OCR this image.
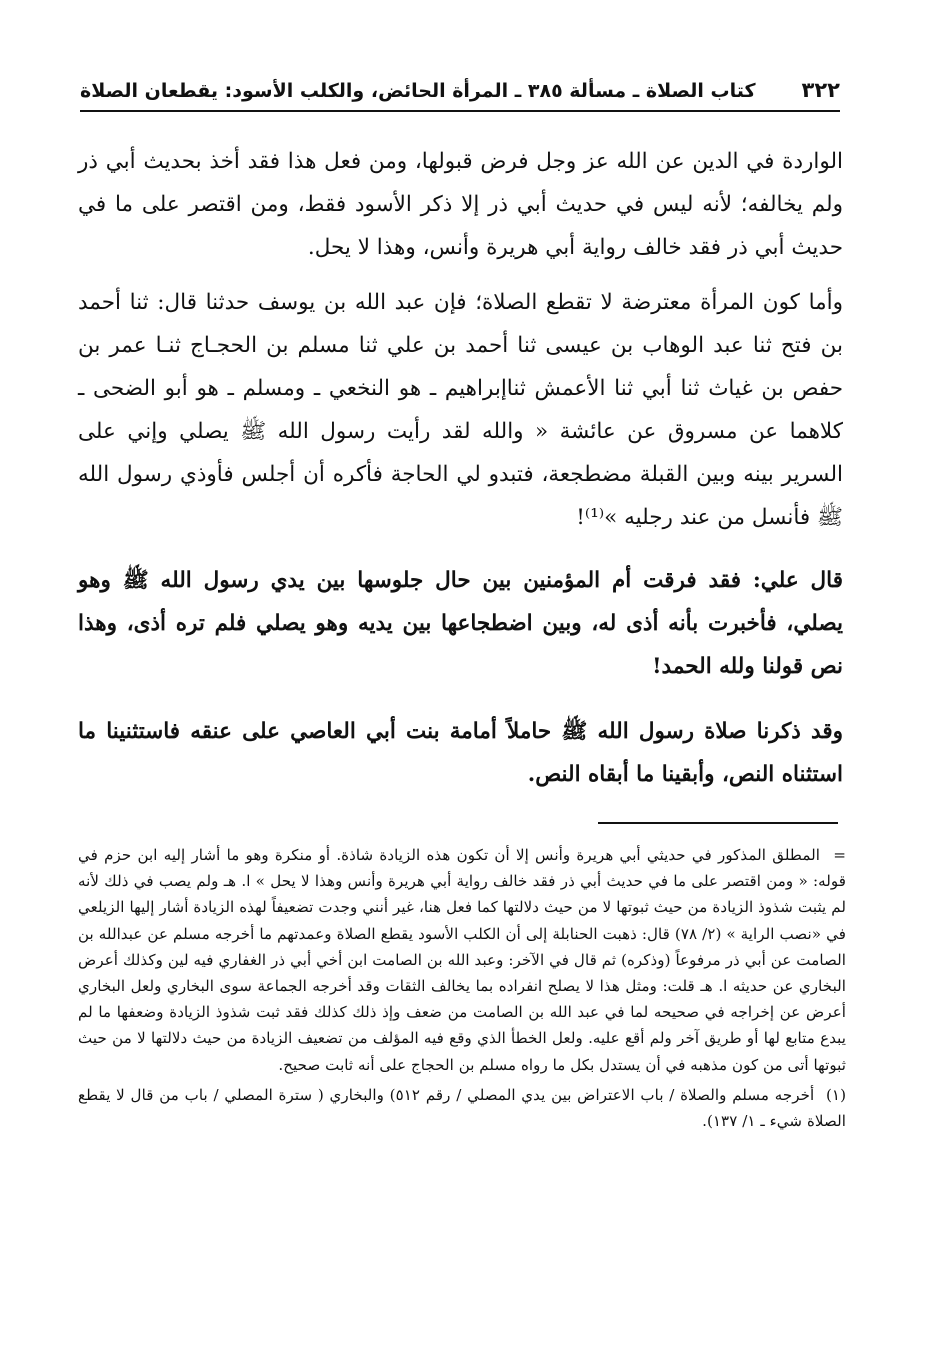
٣٢٢
كتاب الصلاة ـ مسألة ٣٨٥ ـ المرأة الحائض، والكلب الأسود: يقطعان الصلاة

الواردة في الدين عن الله عز وجل فرض قبولها، ومن فعل هذا فقد أخذ بحديث أبي ذر ولم يخالفه؛ لأنه ليس في حديث أبي ذر إلا ذكر الأسود فقط، ومن اقتصر على ما في حديث أبي ذر فقد خالف رواية أبي هريرة وأنس، وهذا لا يحل.

وأما كون المرأة معترضة لا تقطع الصلاة؛ فإن عبد الله بن يوسف حدثنا قال: ثنا أحمد بن فتح ثنا عبد الوهاب بن عيسى ثنا أحمد بن علي ثنا مسلم بن الحجـاج ثنـا عمر بن حفص بن غياث ثنا أبي ثنا الأعمش ثناإبراهيم ـ هو النخعي ـ ومسلم ـ هو أبو الضحى ـ كلاهما عن مسروق عن عائشة « والله لقد رأيت رسول الله ﷺ يصلي وإني على السرير بينه وبين القبلة مضطجعة، فتبدو لي الحاجة فأكره أن أجلس فأوذي رسول الله ﷺ فأنسل من عند رجليه »⁽¹⁾!

قال علي: فقد فرقت أم المؤمنين بين حال جلوسها بين يدي رسول الله ﷺ وهو يصلي، فأخبرت بأنه أذى له، وبين اضطجاعها بين يديه وهو يصلي فلم تره أذى، وهذا نص قولنا ولله الحمد!

وقد ذكرنا صلاة رسول الله ﷺ حاملاً أمامة بنت أبي العاصي على عنقه فاستثنينا ما استثناه النص، وأبقينا ما أبقاه النص.

=المطلق المذكور في حديثي أبي هريرة وأنس إلا أن تكون هذه الزيادة شاذة. أو منكرة وهو ما أشار إليه ابن حزم في قوله: « ومن اقتصر على ما في حديث أبي ذر فقد خالف رواية أبي هريرة وأنس وهذا لا يحل » ا. هـ ولم يصب في ذلك لأنه لم يثبت شذوذ الزيادة من حيث ثبوتها لا من حيث دلالتها كما فعل هنا، غير أنني وجدت تضعيفاً لهذه الزيادة أشار إليها الزيلعي في «نصب الراية » (٢/ ٧٨) قال: ذهبت الحنابلة إلى أن الكلب الأسود يقطع الصلاة وعمدتهم ما أخرجه مسلم عن عبدالله بن الصامت عن أبي ذر مرفوعاً (وذكره) ثم قال في الآخر: وعبد الله بن الصامت ابن أخي أبي ذر الغفاري فيه لين وكذلك أعرض البخاري عن حديثه ا. هـ قلت: ومثل هذا لا يصلح انفراده بما يخالف الثقات وقد أخرجه الجماعة سوى البخاري ولعل البخاري أعرض عن إخراجه في صحيحه لما في عبد الله بن الصامت من ضعف وإذ ذلك كذلك فقد ثبت شذوذ الزيادة وضعفها ما لم يبدع متابع لها أو طريق آخر ولم أقع عليه. ولعل الخطأ الذي وقع فيه المؤلف من تضعيف الزيادة من حيث دلالتها لا من حيث ثبوتها أتى من كون مذهبه في أن يستدل بكل ما رواه مسلم بن الحجاج على أنه ثابت صحيح.

(١) أخرجه مسلم والصلاة / باب الاعتراض بين يدي المصلي / رقم ٥١٢) والبخاري ( سترة المصلي / باب من قال لا يقطع الصلاة شيء ـ ١/ ١٣٧).
